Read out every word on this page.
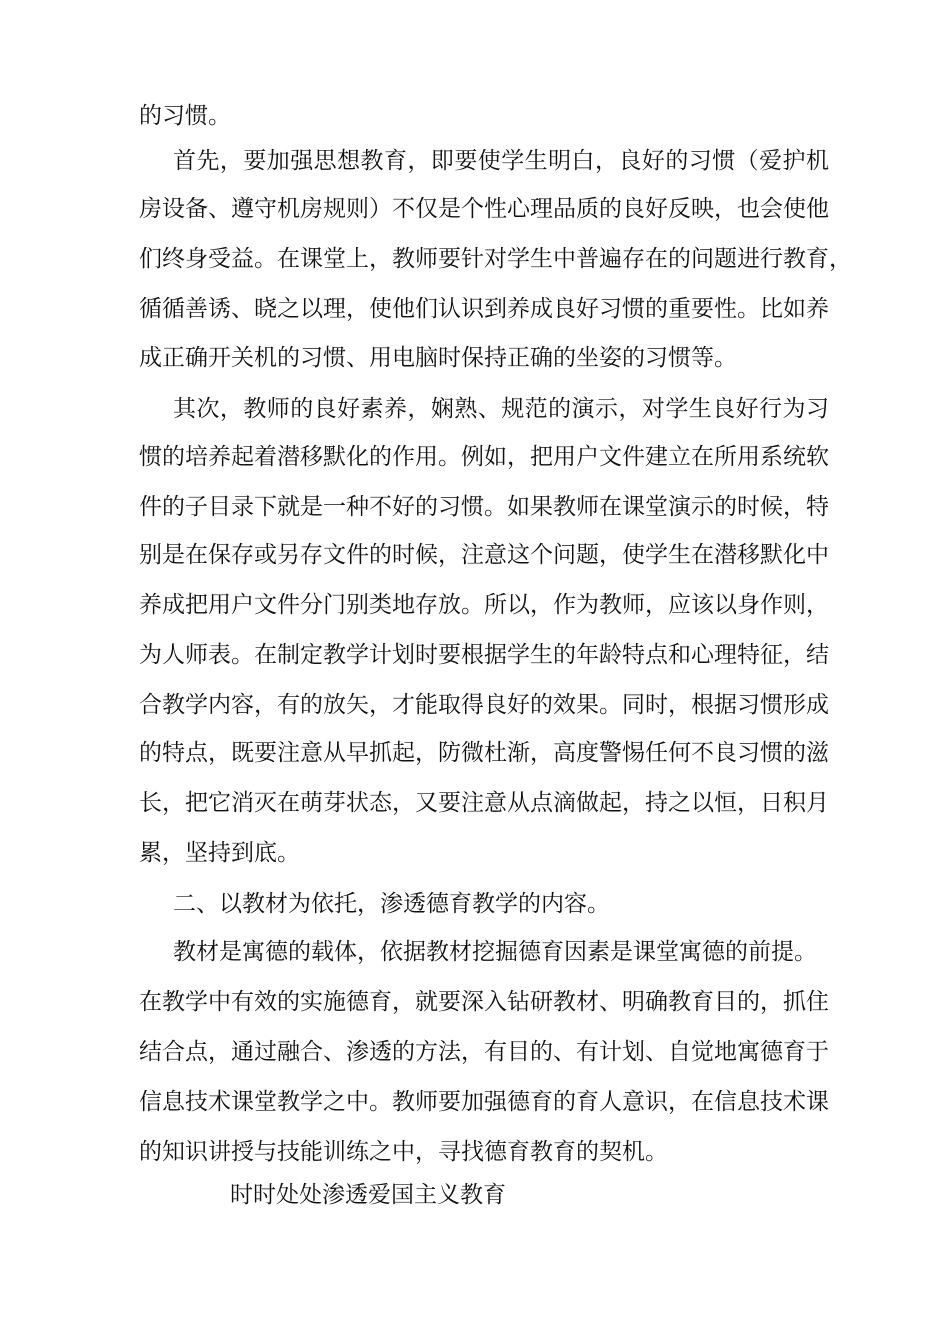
的习惯。
首先，要加强思想教育，即要使学生明白，良好的习惯（爱护机
房设备、遵守机房规则）不仅是个性心理品质的良好反映，也会使他
们终身受益。在课堂上，教师要针对学生中普遍存在的问题进行教育，
循循善诱、晓之以理，使他们认识到养成良好习惯的重要性。比如养
成正确开关机的习惯、用电脑时保持正确的坐姿的习惯等。
其次，教师的良好素养，娴熟、规范的演示，对学生良好行为习
惯的培养起着潜移默化的作用。例如，把用户文件建立在所用系统软
件的子目录下就是一种不好的习惯。如果教师在课堂演示的时候，特
别是在保存或另存文件的时候，注意这个问题，使学生在潜移默化中
养成把用户文件分门别类地存放。所以，作为教师，应该以身作则，
为人师表。在制定教学计划时要根据学生的年龄特点和心理特征，结
合教学内容，有的放矢，才能取得良好的效果。同时，根据习惯形成
的特点，既要注意从早抓起，防微杜渐，高度警惕任何不良习惯的滋
长，把它消灭在萌芽状态，又要注意从点滴做起，持之以恒，日积月
累，坚持到底。
二、以教材为依托，渗透德育教学的内容。
教材是寓德的载体，依据教材挖掘德育因素是课堂寓德的前提。
在教学中有效的实施德育，就要深入钻研教材、明确教育目的，抓住
结合点，通过融合、渗透的方法，有目的、有计划、自觉地寓德育于
信息技术课堂教学之中。教师要加强德育的育人意识，在信息技术课
的知识讲授与技能训练之中，寻找德育教育的契机。
时时处处渗透爱国主义教育
